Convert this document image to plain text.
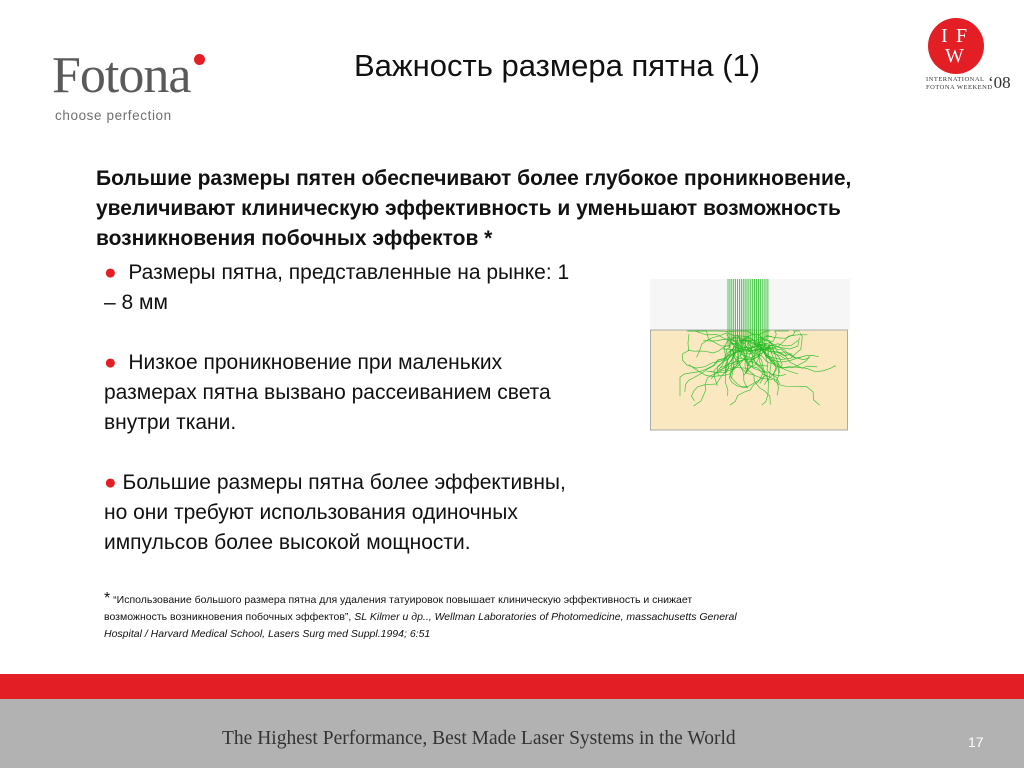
Fotona
choose perfection
Важность размера пятна (1)
I F
W
INTERNATIONAL
FOTONA WEEKEND
‘08
Большие размеры пятен обеспечивают более глубокое проникновение, увеличивают клиническую эффективность и уменьшают возможность возникновения побочных эффектов *

● Размеры пятна, представленные на рынке: 1 – 8 мм

● Низкое проникновение при маленьких размерах пятна вызвано рассеиванием света внутри ткани.

● Большие размеры пятна более эффективны, но они требуют использования одиночных импульсов более высокой мощности.

* “Использование большого размера пятна для удаления татуировок повышает клиническую эффективность и снижает возможность возникновения побочных эффектов”, SL Kilmer и др.., Wellman Laboratories of Photomedicine, massachusetts General Hospital / Harvard Medical School, Lasers Surg med Suppl.1994; 6:51
The Highest Performance, Best Made Laser Systems in the World	17
